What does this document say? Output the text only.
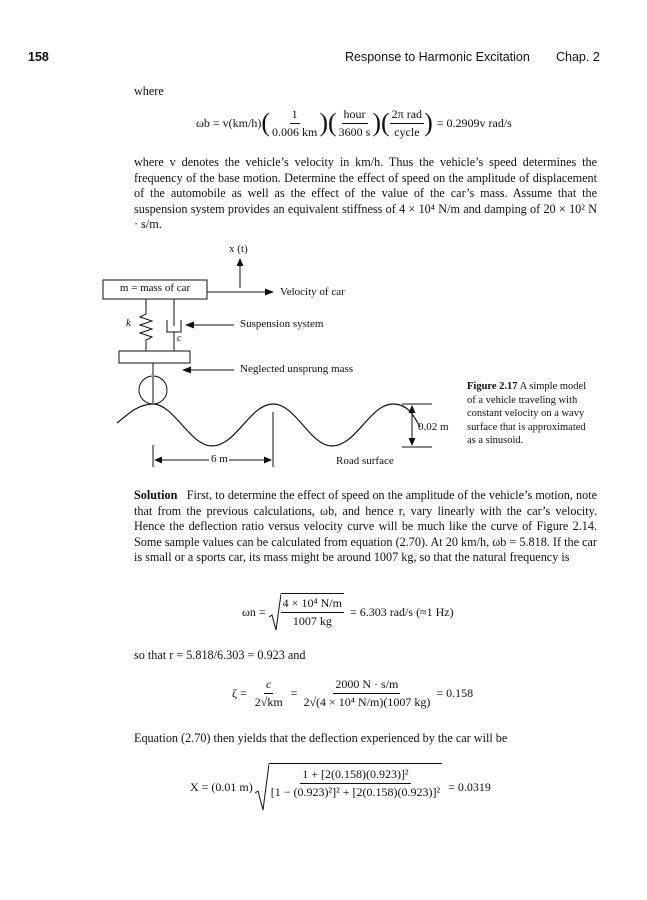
158	Response to Harmonic Excitation Chap. 2
where
ωb = v(km/h) ( $\frac{1}{0.006 km}$ )( $\frac{\text{hour}}{3600 s}$ )( $\frac{\text{2π rad}}{\text{cycle}}$ ) = 0.2909v rad/s

where v denotes the vehicle’s velocity in km/h. Thus the vehicle’s speed determines the frequency of the base motion. Determine the effect of speed on the amplitude of displacement of the automobile as well as the effect of the value of the car’s mass. Assume that the suspension system provides an equivalent stiffness of 4 × 10⁴ N/m and damping of 20 × 10² N · s/m.

x (t)
m = mass of car	Velocity of car
k
c
Suspension system
Neglected unsprung mass
0.02 m
6 m	Road surface
Figure 2.17 A simple model of a vehicle traveling with constant velocity on a wavy surface that is approximated as a sinusoid.

Solution First, to determine the effect of speed on the amplitude of the vehicle’s motion, note that from the previous calculations, ωb, and hence r, vary linearly with the car’s velocity. Hence the deflection ratio versus velocity curve will be much like the curve of Figure 2.14. Some sample values can be calculated from equation (2.70). At 20 km/h, ωb = 5.818. If the car is small or a sports car, its mass might be around 1007 kg, so that the natural frequency is

$\omega n = \frac{\text{4 × 10⁴ N/m}}{1007 kg} = 6.303$ rad/s (≈1 Hz)
so that r = 5.818/6.303 = 0.923 and
$\zeta = \frac{c}{2√km} = \frac{2000 N \cdot s/m}{\text{2√(4 × 10⁴ N/m)(1007 kg)}} = 0.158$
Equation (2.70) then yields that the deflection experienced by the car will be
X = (0.01 $m) \frac{\text{1 + [2(0.158)(0.923)]²}}{\text{[1 − (0.923)²]² + [2(0.158)(0.923)]²}} = 0.0319$
